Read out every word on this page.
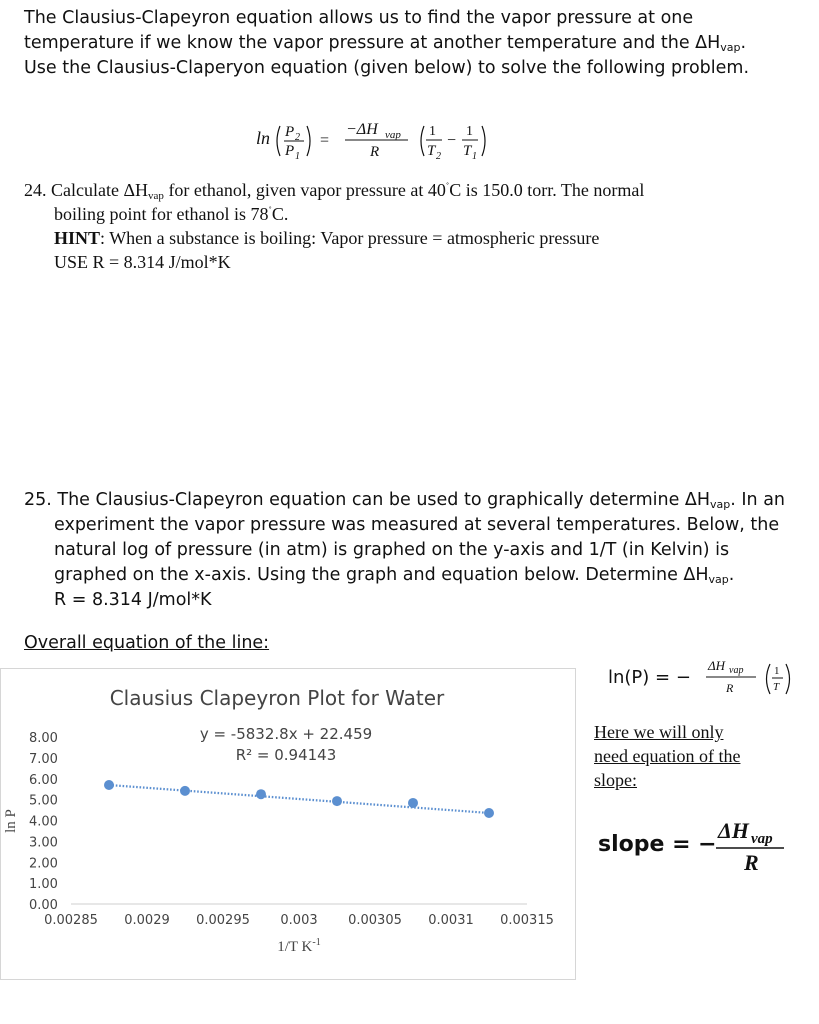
The Clausius-Clapeyron equation allows us to find the vapor pressure at one
temperature if we know the vapor pressure at another temperature and the $\Delta H_{vap}$.
Use the Clausius-Claperyon equation (given below) to solve the following problem.
ln P 2
P 1
=
−ΔH vap
R
1
T 2
−
1
T 1
24. Calculate $\Delta H_{vap}$ for ethanol, given vapor pressure at 40˚C is 150.0 torr. The normal
boiling point for ethanol is 78˚C.
HINT: When a substance is boiling: Vapor pressure = atmospheric pressure
USE R = 8.314 J/mol*K
25. The Clausius-Clapeyron equation can be used to graphically determine $\Delta H_{vap}$. In an
experiment the vapor pressure was measured at several temperatures. Below, the
natural log of pressure (in atm) is graphed on the y-axis and 1/T (in Kelvin) is
graphed on the x-axis. Using the graph and equation below. Determine $\Delta H_{vap}$.
R = 8.314 J/mol*K
Overall equation of the line:
ln(P) = −
ΔH vap
R
1
T
Here we will only
need equation of the
slope:
slope = −
ΔH vap
R
Clausius Clapeyron Plot for Water
y = -5832.8x + 22.459
R² = 0.94143
0.00
1.00
2.00
3.00
4.00
5.00
6.00
7.00
8.00
0.00285 0.0029 0.00295 0.003 0.00305 0.0031 0.00315
1/T $K^{-1}$
ln P
